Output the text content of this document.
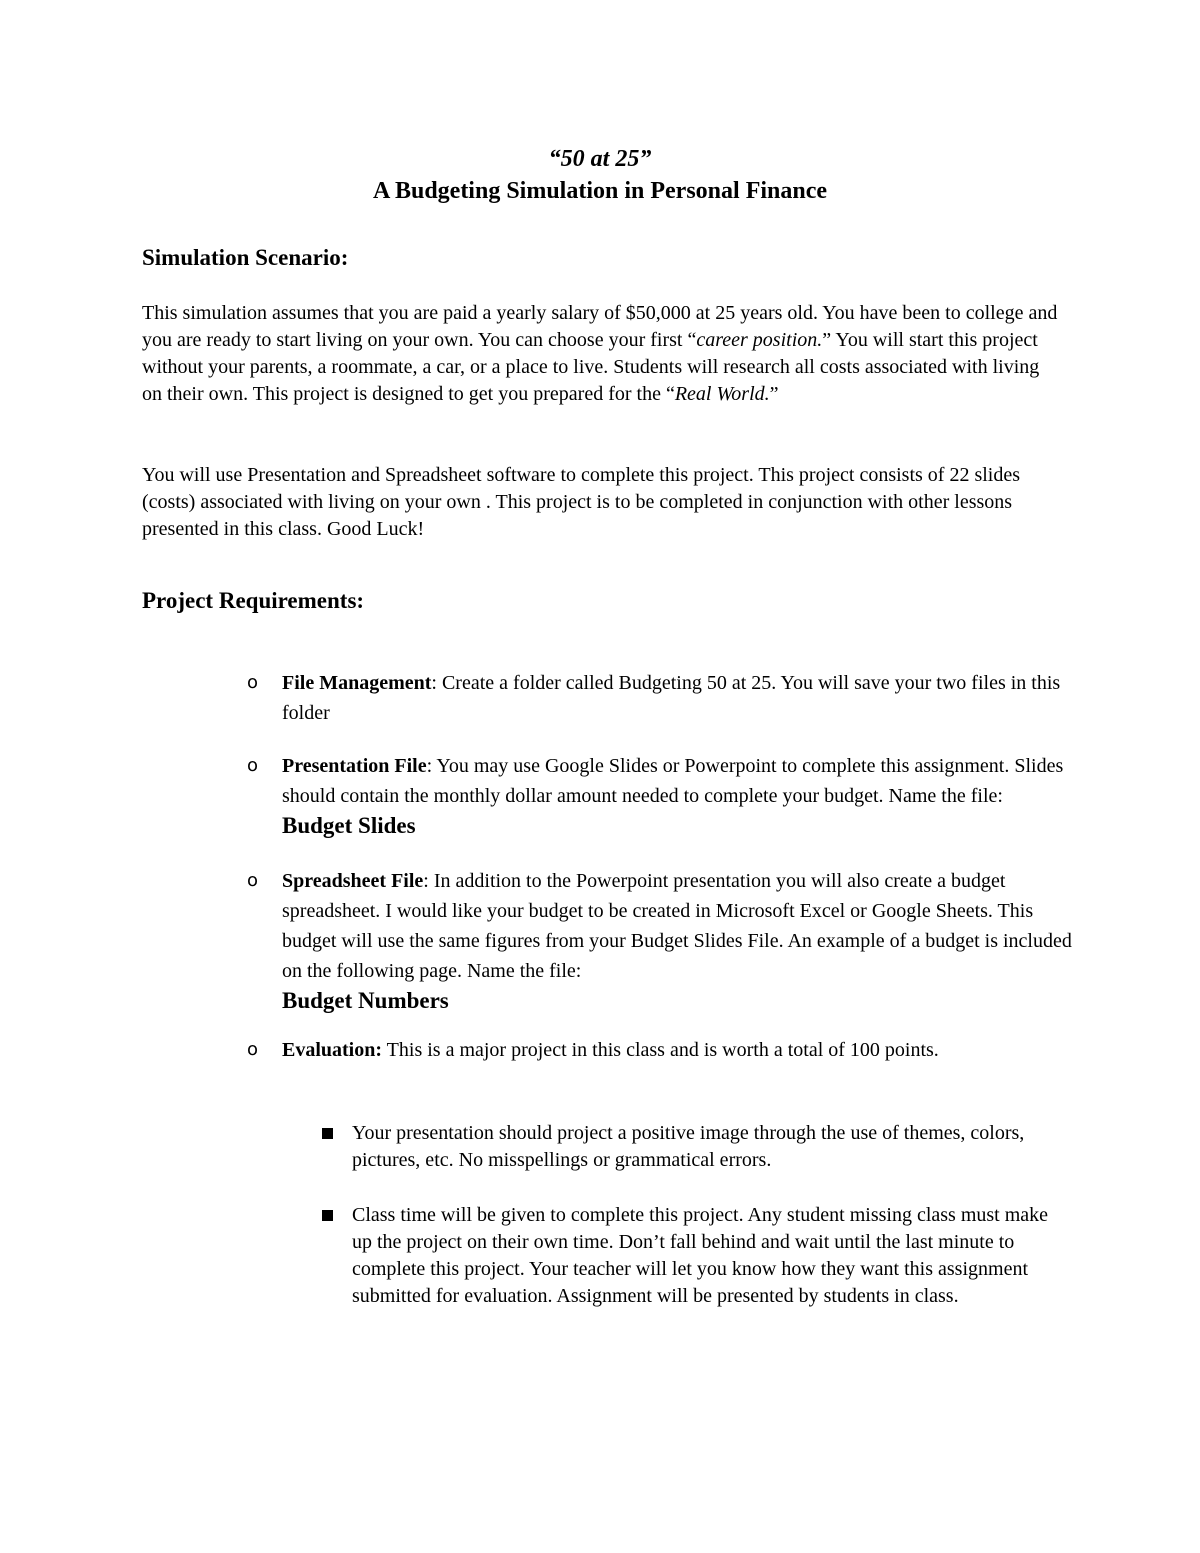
“50 at 25”
A Budgeting Simulation in Personal Finance
Simulation Scenario:

This simulation assumes that you are paid a yearly salary of $50,000 at 25 years old. You have been to college and you are ready to start living on your own. You can choose your first “career position.” You will start this project without your parents, a roommate, a car, or a place to live. Students will research all costs associated with living on their own. This project is designed to get you prepared for the “Real World.”

You will use Presentation and Spreadsheet software to complete this project. This project consists of 22 slides (costs) associated with living on your own . This project is to be completed in conjunction with other lessons presented in this class. Good Luck!

Project Requirements:
o File Management: Create a folder called Budgeting 50 at 25. You will save your two files in this folder
o Presentation File: You may use Google Slides or Powerpoint to complete this assignment. Slides should contain the monthly dollar amount needed to complete your budget. Name the file: Budget Slides
o Spreadsheet File: In addition to the Powerpoint presentation you will also create a budget spreadsheet. I would like your budget to be created in Microsoft Excel or Google Sheets. This budget will use the same figures from your Budget Slides File. An example of a budget is included on the following page. Name the file:
Budget Numbers
o Evaluation: This is a major project in this class and is worth a total of 100 points.
Your presentation should project a positive image through the use of themes, colors, pictures, etc. No misspellings or grammatical errors.
Class time will be given to complete this project. Any student missing class must make up the project on their own time. Don’t fall behind and wait until the last minute to complete this project. Your teacher will let you know how they want this assignment submitted for evaluation. Assignment will be presented by students in class.
